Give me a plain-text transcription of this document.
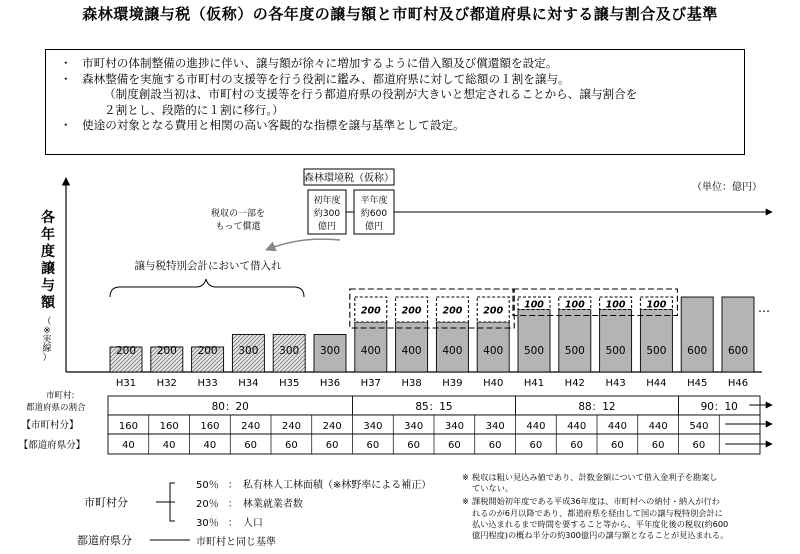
森林環境譲与税（仮称）の各年度の譲与額と市町村及び都道府県に対する譲与割合及び基準
・ 市町村の体制整備の進捗に伴い、譲与額が徐々に増加するように借入額及び償還額を設定。
・ 森林整備を実施する市町村の支援等を行う役割に鑑み、都道府県に対して総額の１割を譲与。
（制度創設当初は、市町村の支援等を行う都道府県の役割が大きいと想定されることから、譲与割合を
２割とし、段階的に１割に移行。）
・ 使途の対象となる費用と相関の高い客観的な指標を譲与基準として設定。
各年度譲与額
（※実線）
（単位：億円）
森林環境税（仮称）
初年度
約300
億円
平年度
約600
億円
税収の一部を
もって償還
譲与税特別会計において借入れ
200 200 200 300 300 300 400 400 400 400 500 500 500 500 600 600
200 200 200 200
100 100 100 100
H31 H32 H33 H34 H35 H36 H37 H38 H39 H40 H41 H42 H43 H44 H45 H46
…
市町村:
都道府県の割合
【市町村分】
【都道府県分】
80：20	85：15	88：12	90：10
160 160 160 240 240 240 340 340 340 340 440 440 440 440 540
40	40	40	60	60	60	60	60	60	60	60	60	60	60	60
市町村分
都道府県分
50％ ：　私有林人工林面積（※林野率による補正）
20％ ：　林業就業者数
30％ ：　人口
市町村と同じ基準
※ 税収は粗い見込み値であり、計数金額について借入金利子を勘案し
ていない。
※ 課税開始初年度である平成36年度は、市町村への納付・納入が行わ
れるのが6月以降であり、都道府県を経由して国の譲与税特別会計に
払い込まれるまで時間を要すること等から、平年度化後の税収(約600
億円程度)の概ね半分の約300億円の譲与額となることが見込まれる。
